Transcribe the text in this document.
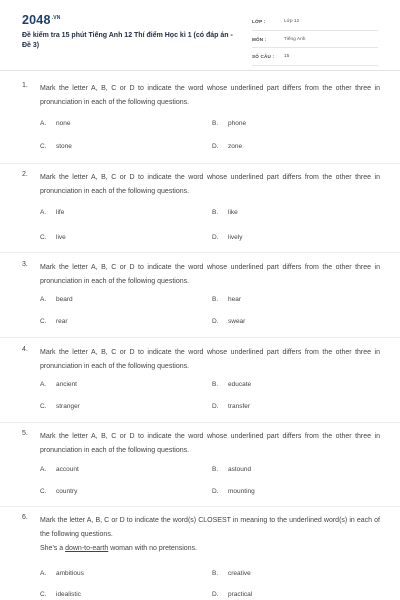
$2048^{.VN}$
Đề kiểm tra 15 phút Tiếng Anh 12 Thí điểm Học kì 1 (có đáp án - Đề 3)
LỚP :	Lớp 12
MÔN :	Tiếng Anh
SỐ CÂU : 15
1. Mark the letter A, B, C or D to indicate the word whose underlined part differs from the other three in pronunciation in each of the following questions.
A.	none	B.	phone
C.	stone	D.	zone
2. Mark the letter A, B, C or D to indicate the word whose underlined part differs from the other three in pronunciation in each of the following questions.
A.	life	B.	like
C.	live	D.	lively
3. Mark the letter A, B, C or D to indicate the word whose underlined part differs from the other three in pronunciation in each of the following questions.
A.	beard	B.	hear
C.	rear	D.	swear
4. Mark the letter A, B, C or D to indicate the word whose underlined part differs from the other three in pronunciation in each of the following questions.
A.	ancient	B.	educate
C.	stranger	D.	transfer
5. Mark the letter A, B, C or D to indicate the word whose underlined part differs from the other three in pronunciation in each of the following questions.
A.	account	B.	astound
C.	country	D.	mounting
6. Mark the letter A, B, C or D to indicate the word(s) CLOSEST in meaning to the underlined word(s) in each of the following questions.
She's a down-to-earth woman with no pretensions.
A.	ambitious	B.	creative
C.	idealistic	D.	practical
